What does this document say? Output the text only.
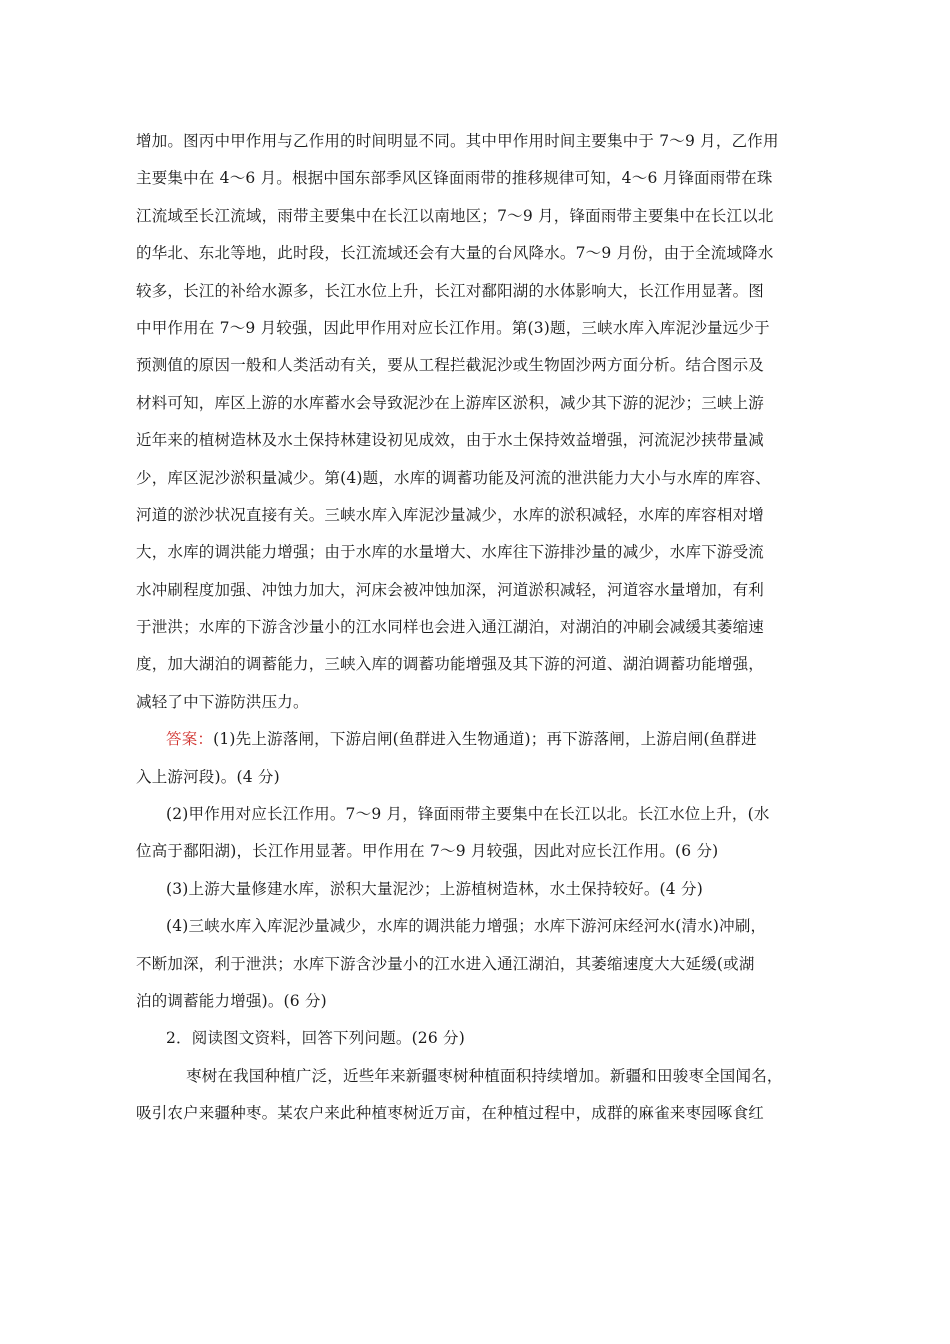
增加。图丙中甲作用与乙作用的时间明显不同。其中甲作用时间主要集中于 7～9 月，乙作用
主要集中在 4～6 月。根据中国东部季风区锋面雨带的推移规律可知，4～6 月锋面雨带在珠
江流域至长江流域，雨带主要集中在长江以南地区；7～9 月，锋面雨带主要集中在长江以北
的华北、东北等地，此时段，长江流域还会有大量的台风降水。7～9 月份，由于全流域降水
较多，长江的补给水源多，长江水位上升，长江对鄱阳湖的水体影响大，长江作用显著。图
中甲作用在 7～9 月较强，因此甲作用对应长江作用。第(3)题，三峡水库入库泥沙量远少于
预测值的原因一般和人类活动有关，要从工程拦截泥沙或生物固沙两方面分析。结合图示及
材料可知，库区上游的水库蓄水会导致泥沙在上游库区淤积，减少其下游的泥沙；三峡上游
近年来的植树造林及水土保持林建设初见成效，由于水土保持效益增强，河流泥沙挟带量减
少，库区泥沙淤积量减少。第(4)题，水库的调蓄功能及河流的泄洪能力大小与水库的库容、
河道的淤沙状况直接有关。三峡水库入库泥沙量减少，水库的淤积减轻，水库的库容相对增
大，水库的调洪能力增强；由于水库的水量增大、水库往下游排沙量的减少，水库下游受流
水冲刷程度加强、冲蚀力加大，河床会被冲蚀加深，河道淤积减轻，河道容水量增加，有利
于泄洪；水库的下游含沙量小的江水同样也会进入通江湖泊，对湖泊的冲刷会减缓其萎缩速
度，加大湖泊的调蓄能力，三峡入库的调蓄功能增强及其下游的河道、湖泊调蓄功能增强，
减轻了中下游防洪压力。
答案：(1)先上游落闸，下游启闸(鱼群进入生物通道)；再下游落闸，上游启闸(鱼群进
入上游河段)。(4 分)
(2)甲作用对应长江作用。7～9 月，锋面雨带主要集中在长江以北。长江水位上升，(水
位高于鄱阳湖)，长江作用显著。甲作用在 7～9 月较强，因此对应长江作用。(6 分)
(3)上游大量修建水库，淤积大量泥沙；上游植树造林，水土保持较好。(4 分)
(4)三峡水库入库泥沙量减少，水库的调洪能力增强；水库下游河床经河水(清水)冲刷，
不断加深，利于泄洪；水库下游含沙量小的江水进入通江湖泊，其萎缩速度大大延缓(或湖
泊的调蓄能力增强)。(6 分)
2．阅读图文资料，回答下列问题。(26 分)
枣树在我国种植广泛，近些年来新疆枣树种植面积持续增加。新疆和田骏枣全国闻名，
吸引农户来疆种枣。某农户来此种植枣树近万亩，在种植过程中，成群的麻雀来枣园啄食红
